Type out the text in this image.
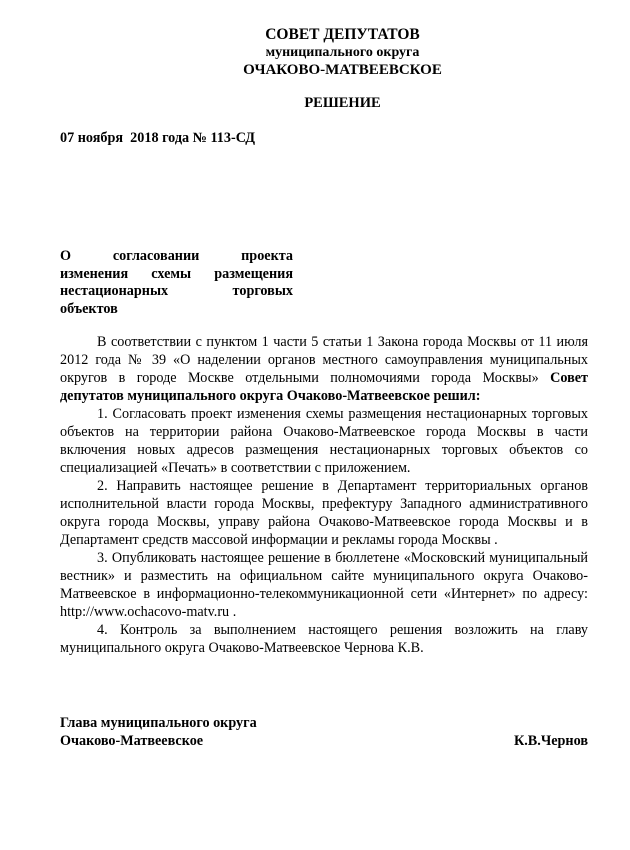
СОВЕТ ДЕПУТАТОВ
муниципального округа
ОЧАКОВО-МАТВЕЕВСКОЕ
РЕШЕНИЕ
07 ноября  2018 года № 113-СД
О согласовании проекта
изменения схемы размещения
нестационарных торговых
объектов

В соответствии с пунктом 1 части 5 статьи 1 Закона города Москвы от 11 июля 2012 года № 39 «О наделении органов местного самоуправления муниципальных округов в городе Москве отдельными полномочиями города Москвы» Совет депутатов муниципального округа Очаково-Матвеевское решил:

1. Согласовать проект изменения схемы размещения нестационарных торговых объектов на территории района Очаково-Матвеевское города Москвы в части включения новых адресов размещения нестационарных торговых объектов со специализацией «Печать» в соответствии с приложением.

2. Направить настоящее решение в Департамент территориальных органов исполнительной власти города Москвы, префектуру Западного административного округа города Москвы, управу района Очаково-Матвеевское города Москвы и в Департамент средств массовой информации и рекламы города Москвы .

3. Опубликовать настоящее решение в бюллетене «Московский муниципальный вестник» и разместить на официальном сайте муниципального округа Очаково-Матвеевское в информационно-телекоммуникационной сети «Интернет» по адресу: http://www.ochacovo-matv.ru .

4. Контроль за выполнением настоящего решения возложить на главу муниципального округа Очаково-Матвеевское Чернова К.В.

Глава муниципального округа
Очаково-Матвеевское	К.В.Чернов
